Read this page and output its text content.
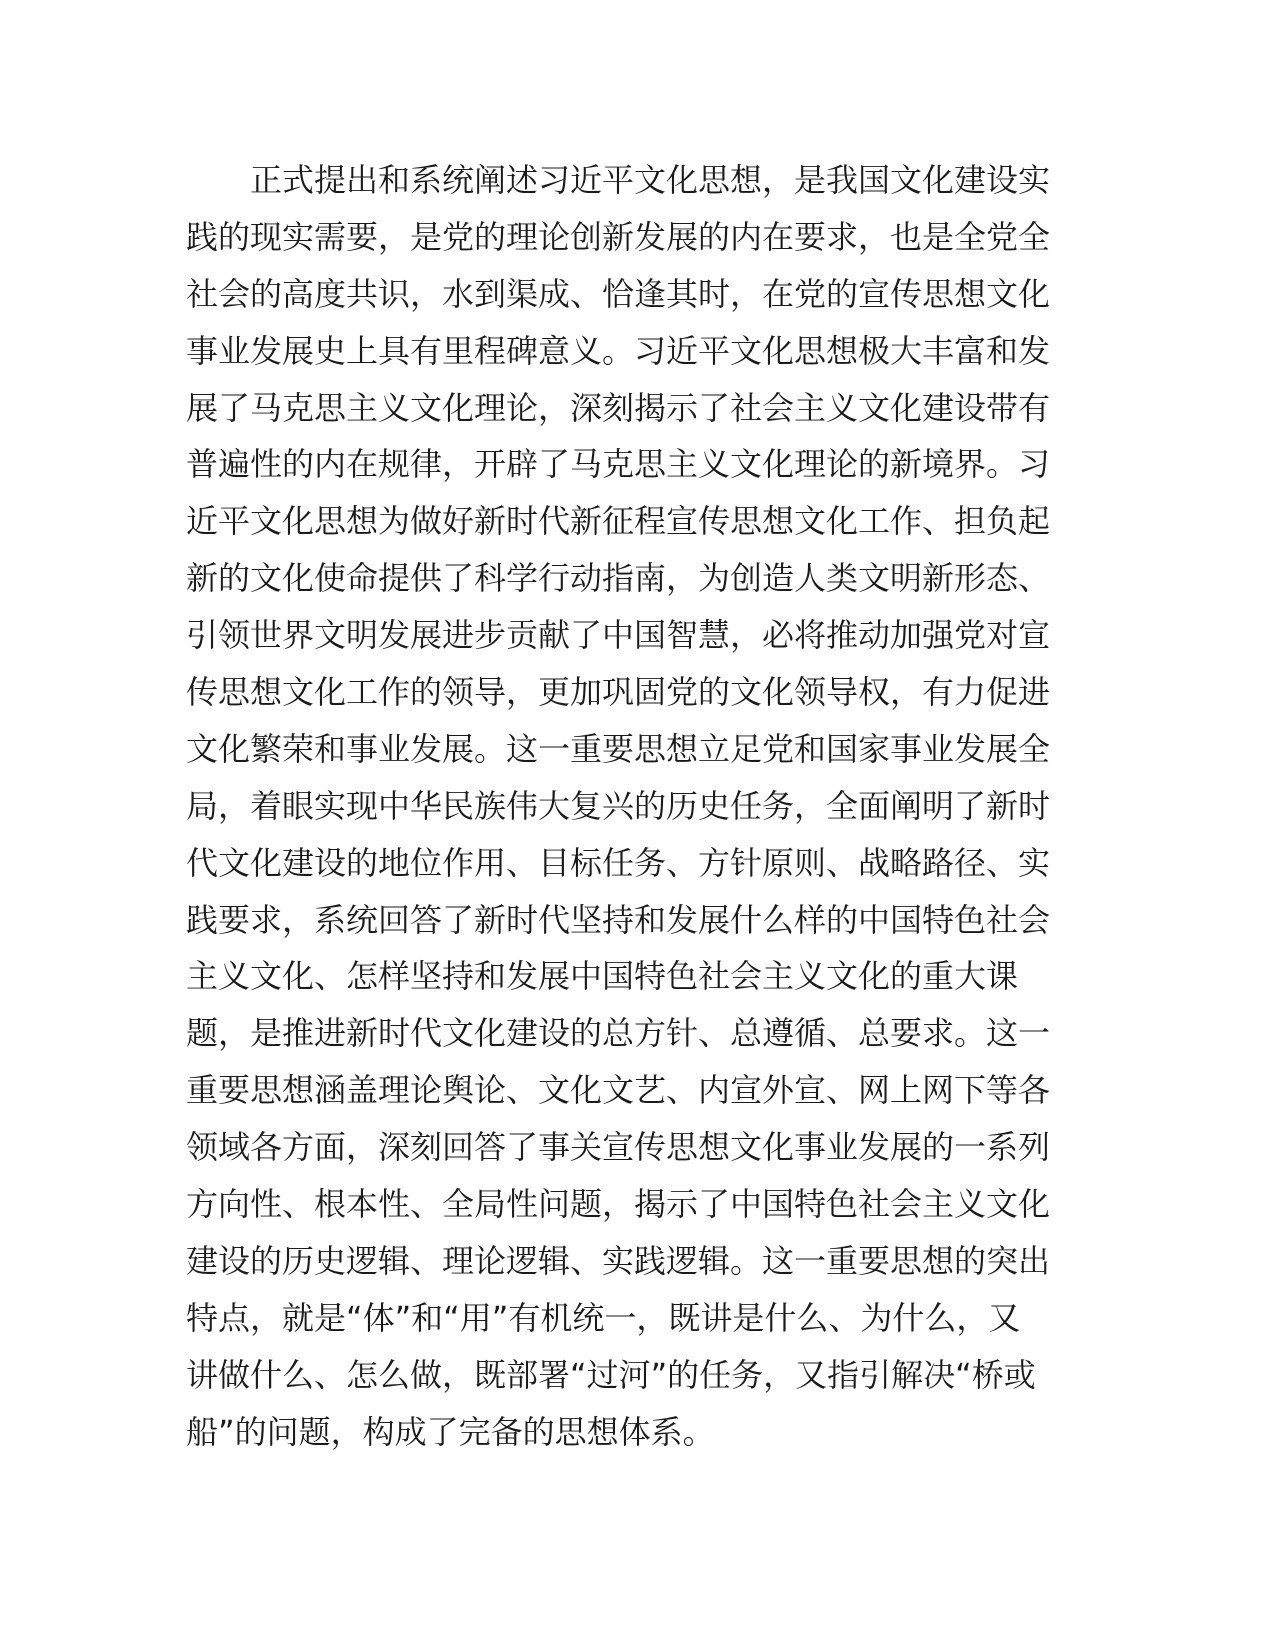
正式提出和系统阐述习近平文化思想，是我国文化建设实
践的现实需要，是党的理论创新发展的内在要求，也是全党全
社会的高度共识，水到渠成、恰逢其时，在党的宣传思想文化
事业发展史上具有里程碑意义。习近平文化思想极大丰富和发
展了马克思主义文化理论，深刻揭示了社会主义文化建设带有
普遍性的内在规律，开辟了马克思主义文化理论的新境界。习
近平文化思想为做好新时代新征程宣传思想文化工作、担负起
新的文化使命提供了科学行动指南，为创造人类文明新形态、
引领世界文明发展进步贡献了中国智慧，必将推动加强党对宣
传思想文化工作的领导，更加巩固党的文化领导权，有力促进
文化繁荣和事业发展。这一重要思想立足党和国家事业发展全
局，着眼实现中华民族伟大复兴的历史任务，全面阐明了新时
代文化建设的地位作用、目标任务、方针原则、战略路径、实
践要求，系统回答了新时代坚持和发展什么样的中国特色社会
主义文化、怎样坚持和发展中国特色社会主义文化的重大课
题，是推进新时代文化建设的总方针、总遵循、总要求。这一
重要思想涵盖理论舆论、文化文艺、内宣外宣、网上网下等各
领域各方面，深刻回答了事关宣传思想文化事业发展的一系列
方向性、根本性、全局性问题，揭示了中国特色社会主义文化
建设的历史逻辑、理论逻辑、实践逻辑。这一重要思想的突出
特点，就是“体”和“用”有机统一，既讲是什么、为什么，又
讲做什么、怎么做，既部署“过河”的任务，又指引解决“桥或
船”的问题，构成了完备的思想体系。
